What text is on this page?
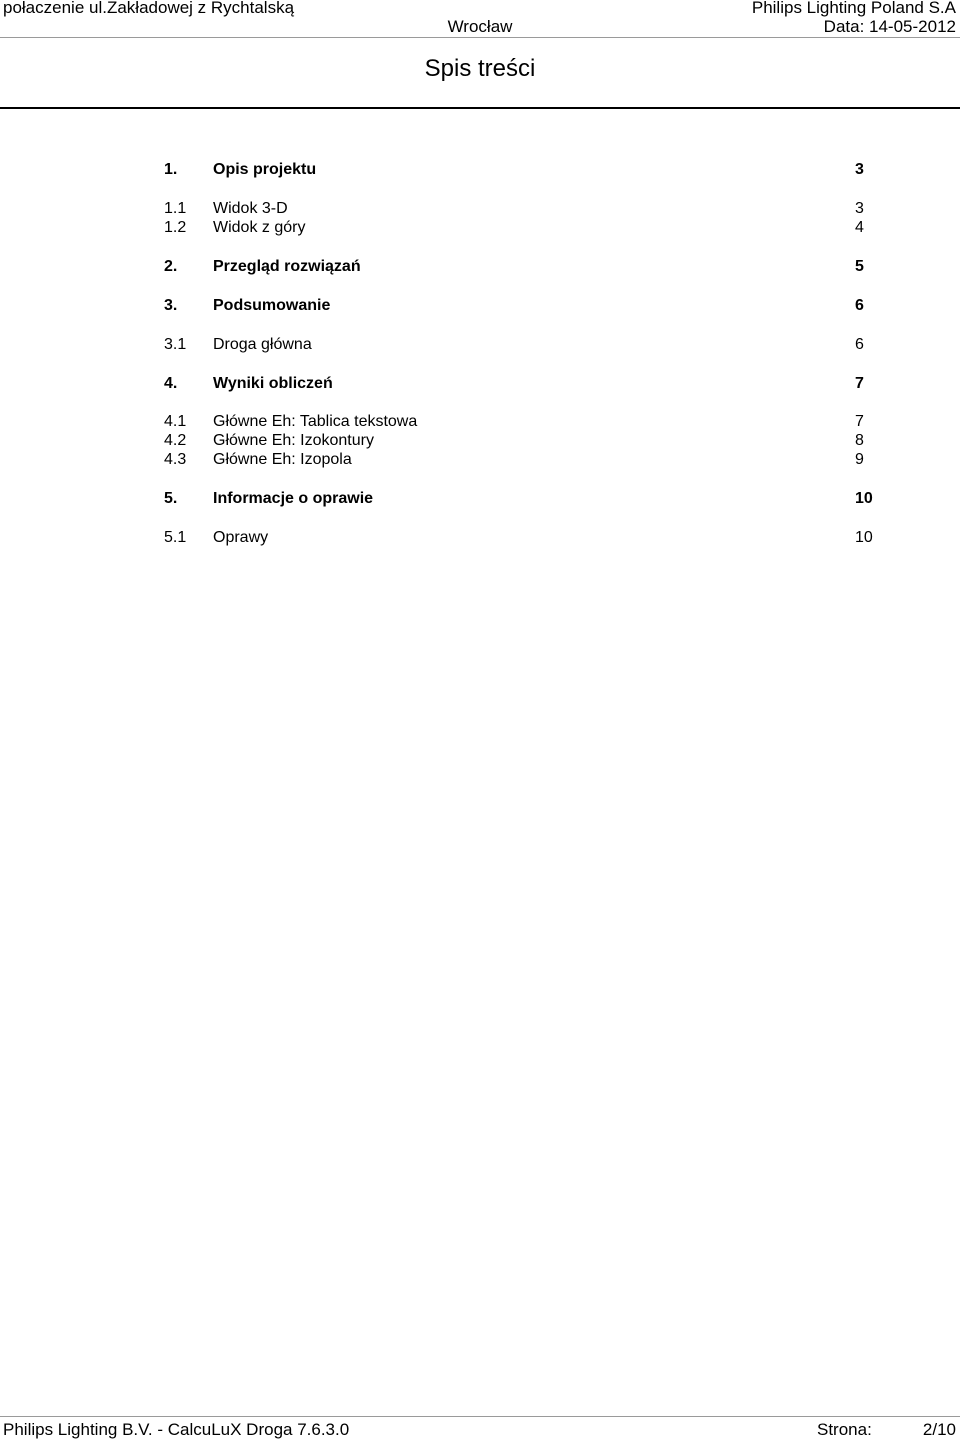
połaczenie ul.Zakładowej z Rychtalską
Wrocław
Philips Lighting Poland S.A
Data: 14-05-2012
Spis treści
1. Opis projektu	3
1.1 Widok 3-D	3
1.2 Widok z góry	4
2. Przegląd rozwiązań	5
3. Podsumowanie	6
3.1 Droga główna	6
4. Wyniki obliczeń	7
4.1 Główne Eh: Tablica tekstowa	7
4.2 Główne Eh: Izokontury	8
4.3 Główne Eh: Izopola	9
5. Informacje o oprawie	10
5.1 Oprawy	10
Philips Lighting B.V. - CalcuLuX Droga 7.6.3.0	Strona:	2/10
